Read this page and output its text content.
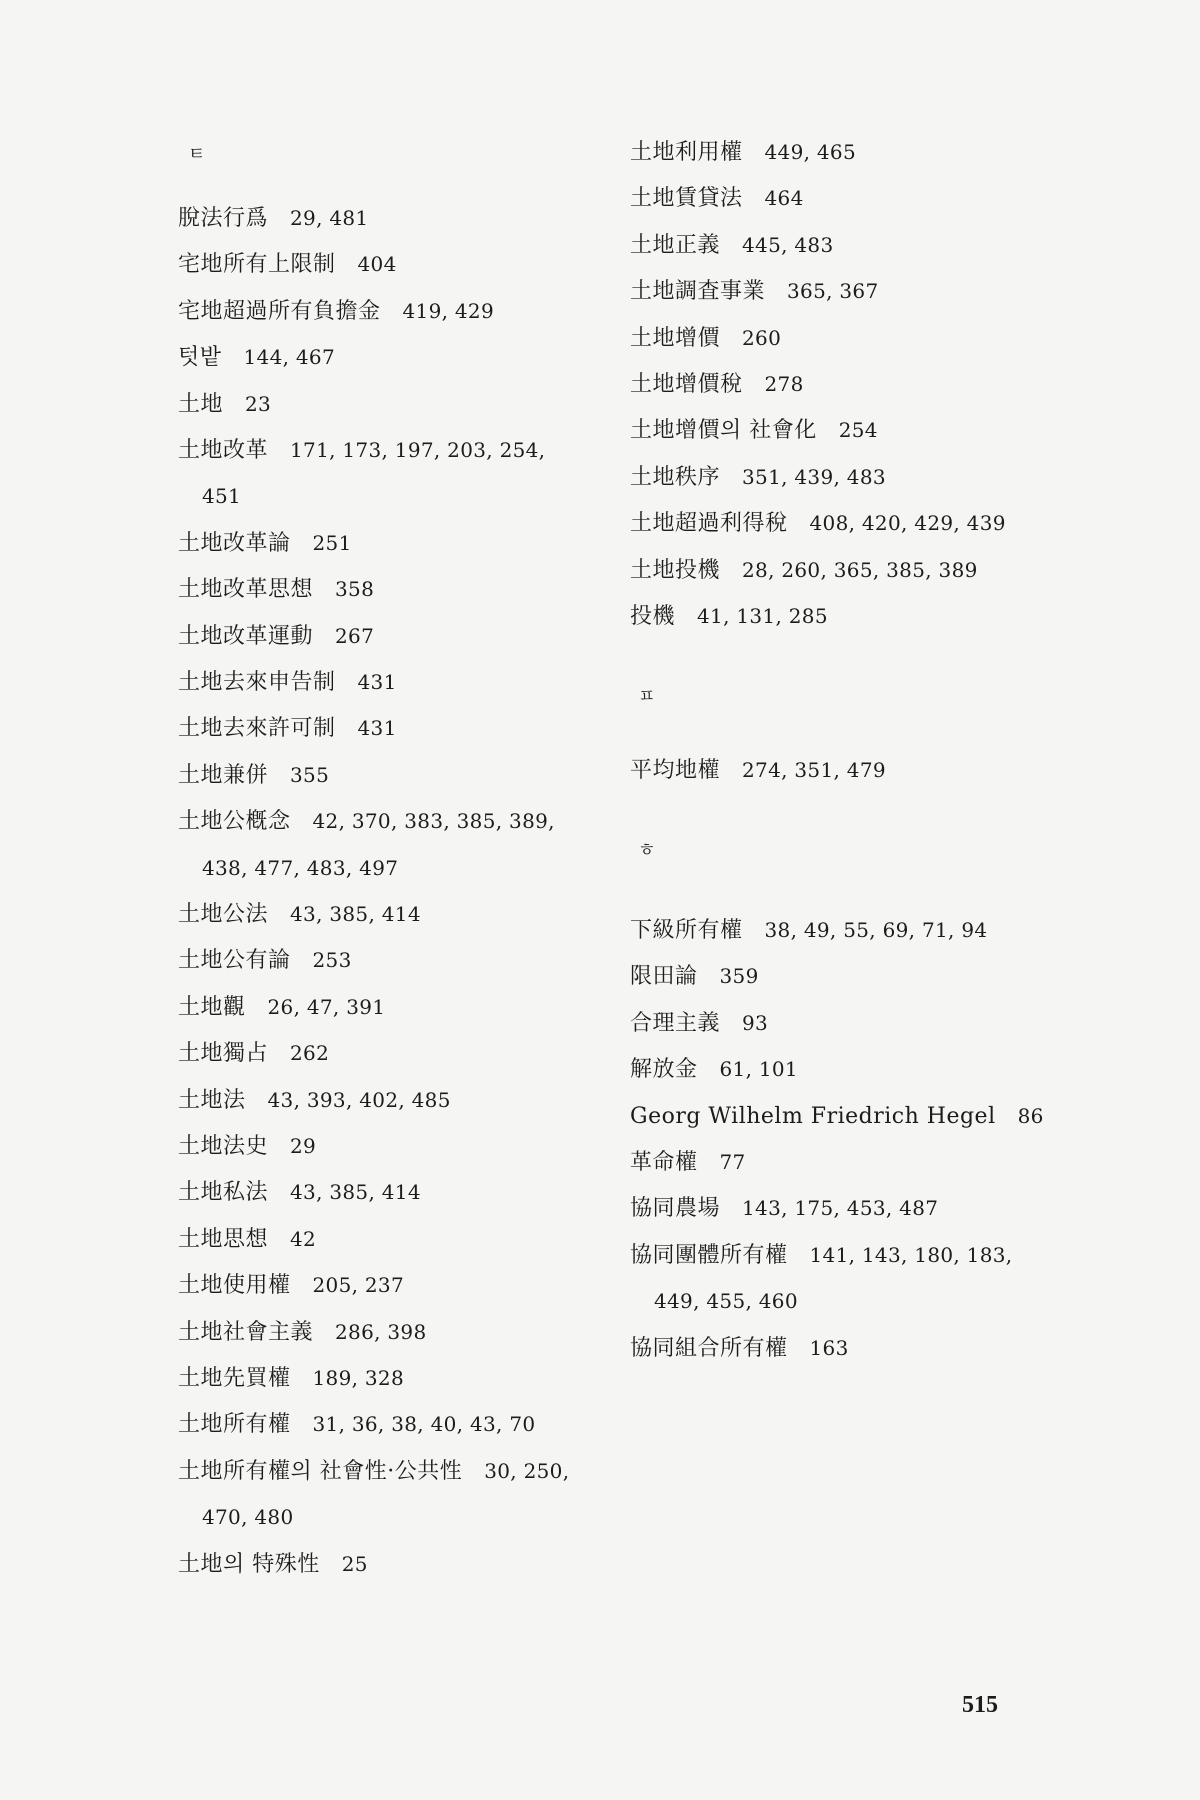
ㅌ
脫法行爲 29, 481
宅地所有上限制 404
宅地超過所有負擔金 419, 429
텃밭 144, 467
土地 23
土地改革 171, 173, 197, 203, 254,
451
土地改革論 251
土地改革思想 358
土地改革運動 267
土地去來申告制 431
土地去來許可制 431
土地兼併 355
土地公槪念 42, 370, 383, 385, 389,
438, 477, 483, 497
土地公法 43, 385, 414
土地公有論 253
土地觀 26, 47, 391
土地獨占 262
土地法 43, 393, 402, 485
土地法史 29
土地私法 43, 385, 414
土地思想 42
土地使用權 205, 237
土地社會主義 286, 398
土地先買權 189, 328
土地所有權 31, 36, 38, 40, 43, 70
土地所有權의 社會性·公共性 30, 250,
470, 480
土地의 特殊性 25
ㅍ
ㅎ
土地利用權 449, 465
土地賃貸法 464
土地正義 445, 483
土地調査事業 365, 367
土地增價 260
土地增價稅 278
土地增價의 社會化 254
土地秩序 351, 439, 483
土地超過利得稅 408, 420, 429, 439
土地投機 28, 260, 365, 385, 389
投機 41, 131, 285
平均地權 274, 351, 479
下級所有權 38, 49, 55, 69, 71, 94
限田論 359
合理主義 93
解放金 61, 101
Georg Wilhelm Friedrich Hegel 86
革命權 77
協同農場 143, 175, 453, 487
協同團體所有權 141, 143, 180, 183,
449, 455, 460
協同組合所有權 163
515
